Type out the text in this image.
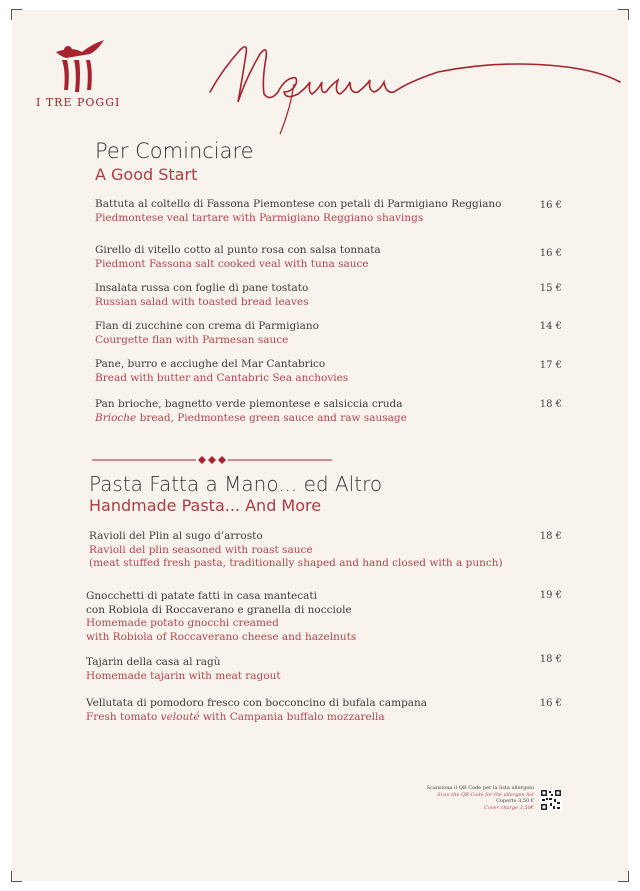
I TRE POGGI
Menu
Per Cominciare
A Good Start
Battuta al coltello di Fassona Piemontese con petali di Parmigiano Reggiano
Piedmontese veal tartare with Parmigiano Reggiano shavings
16 €
Girello di vitello cotto al punto rosa con salsa tonnata
Piedmont Fassona salt cooked veal with tuna sauce
16 €
Insalata russa con foglie di pane tostato
Russian salad with toasted bread leaves
15 €
Flan di zucchine con crema di Parmigiano
Courgette flan with Parmesan sauce
14 €
Pane, burro e acciughe del Mar Cantabrico
Bread with butter and Cantabric Sea anchovies
17 €
Pan brioche, bagnetto verde piemontese e salsiccia cruda
Brioche bread, Piedmontese green sauce and raw sausage
18 €
Pasta Fatta a Mano... ed Altro
Handmade Pasta... And More
Ravioli del Plin al sugo d’arrosto
Ravioli del plin seasoned with roast sauce
(meat stuffed fresh pasta, traditionally shaped and hand closed with a punch)
18 €
Gnocchetti di patate fatti in casa mantecati
con Robiola di Roccaverano e granella di nocciole
Homemade potato gnocchi creamed
with Robiola of Roccaverano cheese and hazelnuts
19 €
Tajarin della casa al ragù
Homemade tajarin with meat ragout
18 €
Vellutata di pomodoro fresco con bocconcino di bufala campana
Fresh tomato velouté with Campania buffalo mozzarella
16 €
Scansiona il QR Code per la lista allergeni
Scan the QR Code for the allergen list
Coperto 3,50 €
Cover charge 3,50€
